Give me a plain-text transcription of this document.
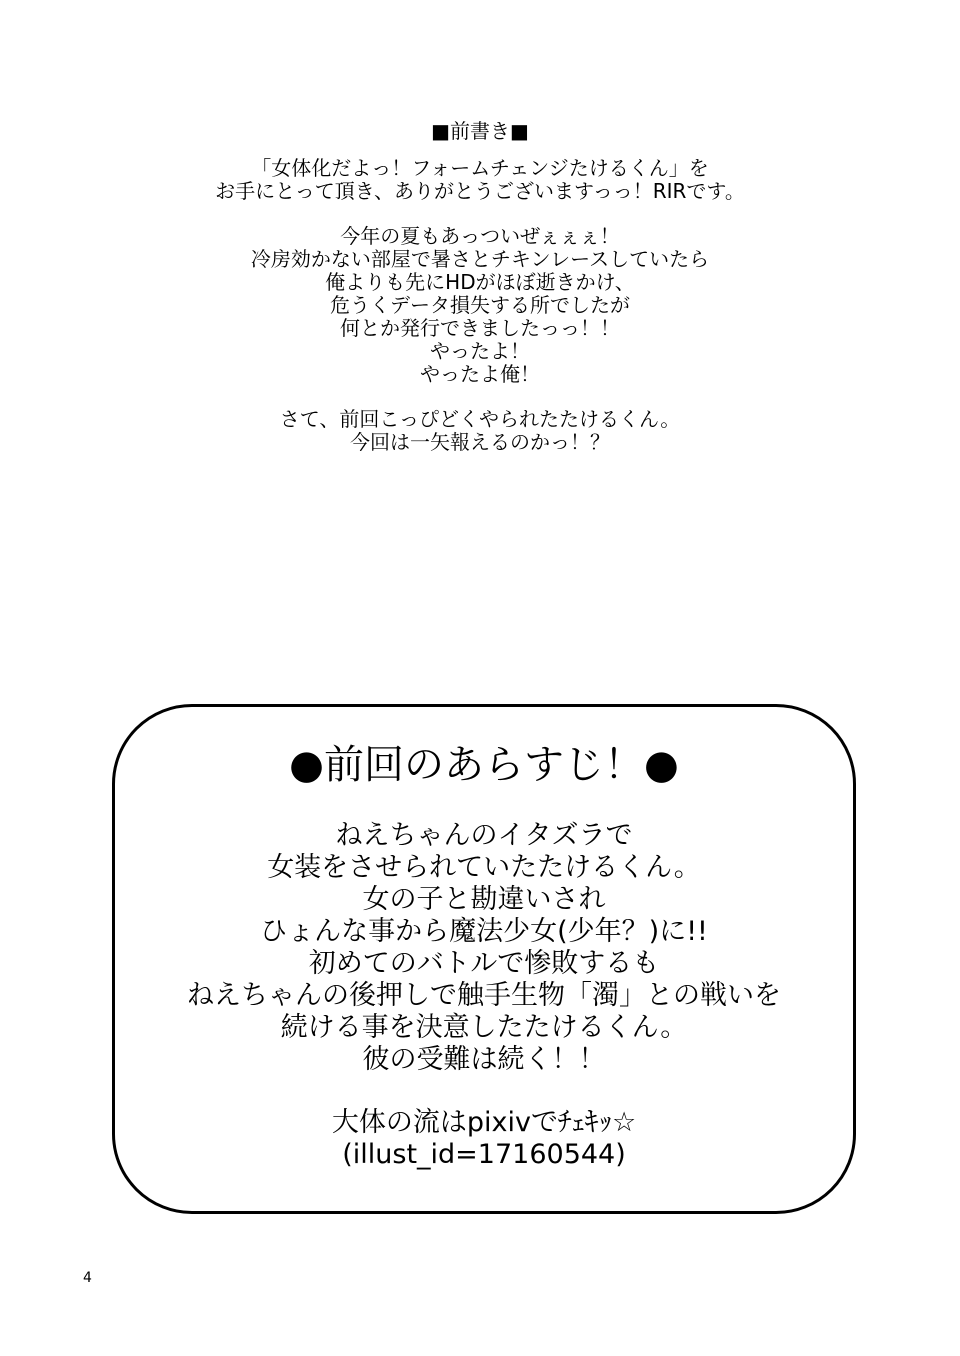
■前書き■
「女体化だよっ！フォームチェンジたけるくん」を
お手にとって頂き、ありがとうございますっっ！RIRです。
今年の夏もあっついぜぇぇぇ！
冷房効かない部屋で暑さとチキンレースしていたら
俺よりも先にHDがほぼ逝きかけ、
危うくデータ損失する所でしたが
何とか発行できましたっっ！！
やったよ！
やったよ俺！
さて、前回こっぴどくやられたたけるくん。
今回は一矢報えるのかっ！？
●前回のあらすじ！●
ねえちゃんのイタズラで
女装をさせられていたたけるくん。
女の子と勘違いされ
ひょんな事から魔法少女(少年？)に!!
初めてのバトルで惨敗するも
ねえちゃんの後押しで触手生物「濁」との戦いを
続ける事を決意したたけるくん。
彼の受難は続く！！
大体の流はpixivでﾁｪｷｯ☆
(illust_id=17160544)
4
